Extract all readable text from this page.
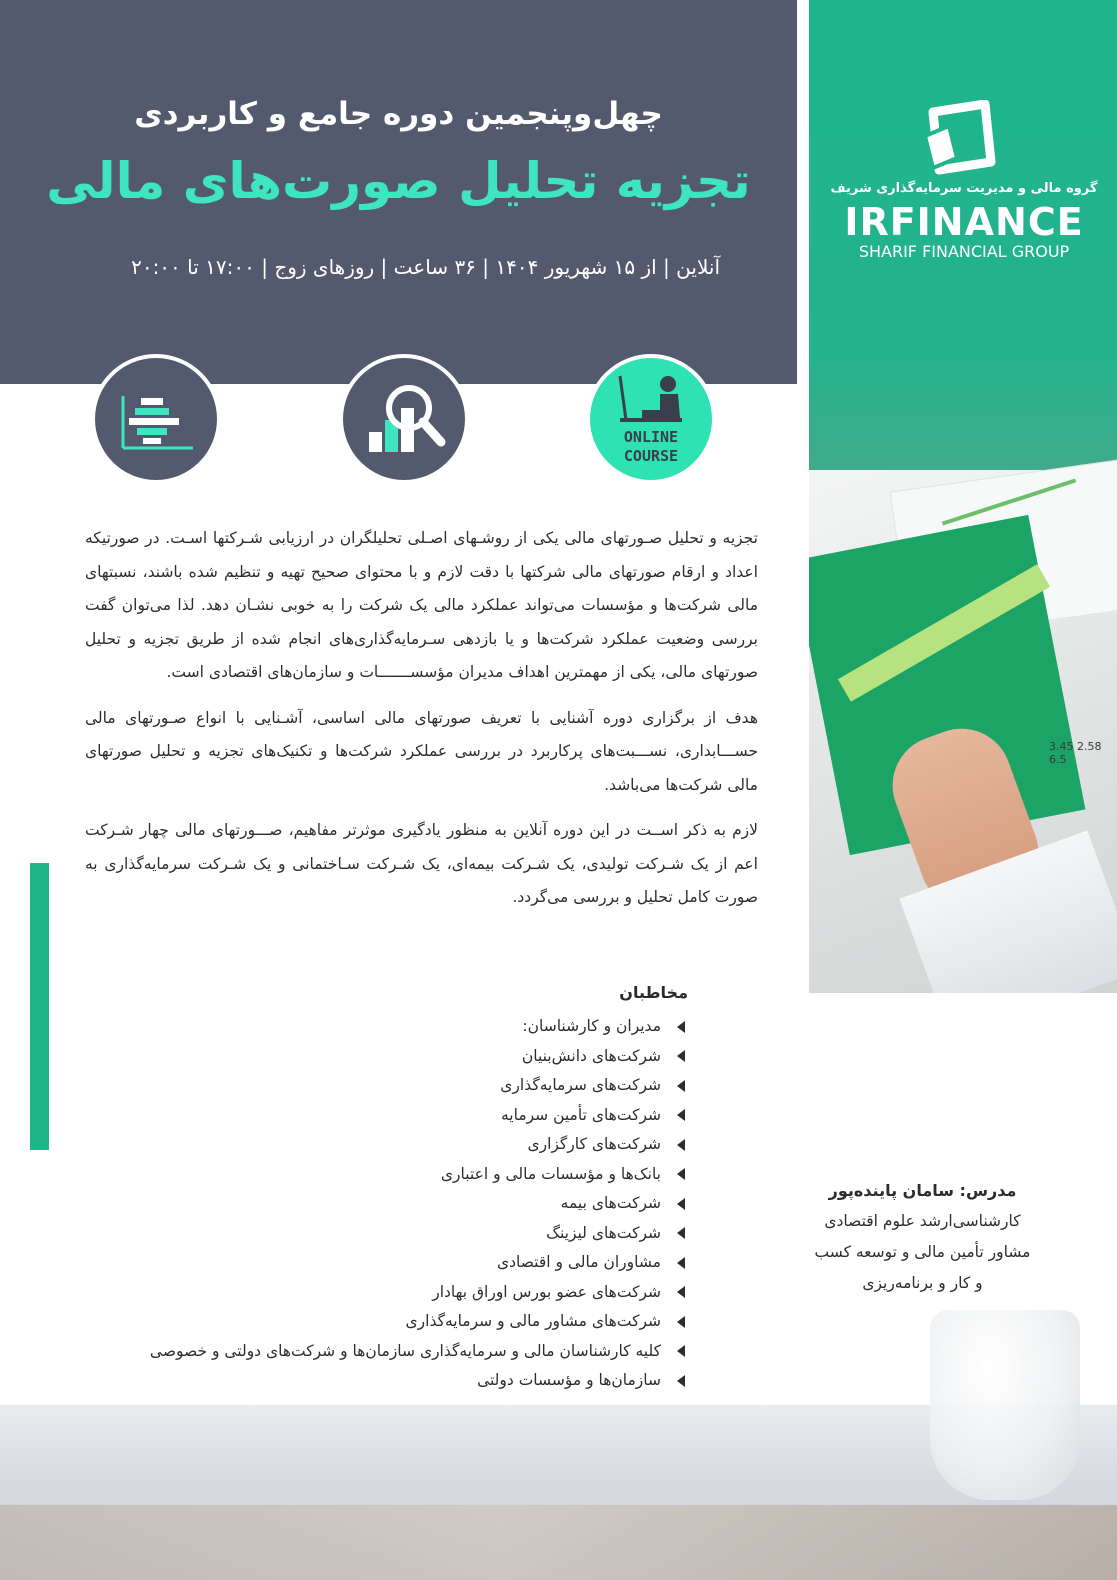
چهل‌وپنجمین دوره جامع و کاربردی
تجزیه تحلیل صورت‌های مالی
آنلاین | از ۱۵ شهریور ۱۴۰۴ | ۳۶ ساعت | روزهای زوج | ۱۷:۰۰ تا ۲۰:۰۰
گروه مالی و مدیریت سرمایه‌گذاری شریف
IRFINANCE
SHARIF FINANCIAL GROUP
3.45 2.58 6.5
ONLINE
COURSE

تجزیه و تحلیل صـورتهای مالی یکی از روشـهای اصـلی تحلیلگران در ارزیابی شـرکتها اسـت. در صورتیکه اعداد و ارقام صورتهای مالی شرکتها با دقت لازم و با محتوای صحیح تهیه و تنظیم شده باشند، نسبتهای مالی شرکت‌ها و مؤسسات می‌تواند عملکرد مالی یک شرکت را به خوبی نشـان دهد. لذا می‌توان گفت بررسی وضعیت عملکرد شرکت‌ها و یا بازدهی سـرمایه‌گذاری‌های انجام شده از طریق تجزیه و تحلیل صورتهای مالی، یکی از مهمترین اهداف مدیران مؤسســـــــات و سازمان‌های اقتصادی است.

هدف از برگزاری دوره آشنایی با تعریف صورتهای مالی اساسی، آشـنایی با انواع صـورتهای مالی حســـابداری، نســـبت‌های پرکاربرد در بررسی عملکرد شرکت‌ها و تکنیک‌های تجزیه و تحلیل صورتهای مالی شرکت‌ها می‌باشد.

لازم به ذکر اســت در این دوره آنلاین به منظور یادگیری موثرتر مفاهیم، صـــورتهای مالی چهار شـرکت اعم از یک شـرکت تولیدی، یک شـرکت بیمه‌ای، یک شـرکت سـاختمانی و یک شـرکت سرمایه‌گذاری به صورت کامل تحلیل و بررسی می‌گردد.

مخاطبان
مدیران و کارشناسان:
شرکت‌های دانش‌بنیان
شرکت‌های سرمایه‌گذاری
شرکت‌های تأمین سرمایه
شرکت‌های کارگزاری
بانک‌ها و مؤسسات مالی و اعتباری
شرکت‌های بیمه
شرکت‌های لیزینگ
مشاوران مالی و اقتصادی
شرکت‌های عضو بورس اوراق بهادار
شرکت‌های مشاور مالی و سرمایه‌گذاری
کلیه کارشناسان مالی و سرمایه‌گذاری سازمان‌ها و شرکت‌های دولتی و خصوصی
سازمان‌ها و مؤسسات دولتی
مدرس: سامان پاینده‌پور
کارشناسی‌ارشد علوم اقتصادی
مشاور تأمین مالی و توسعه کسب
و کار و برنامه‌ریزی
